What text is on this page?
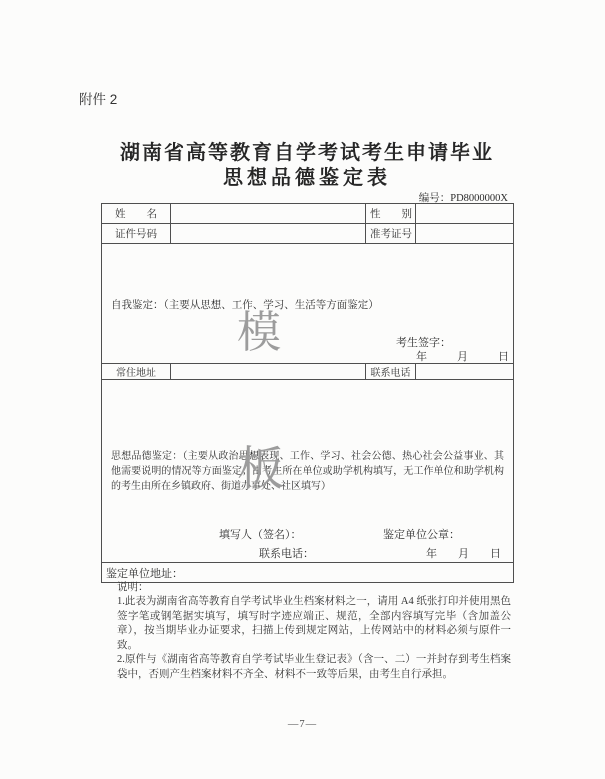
附件 2
湖南省高等教育自学考试考生申请毕业
思想品德鉴定表
编号：PD8000000X
姓　　名		性　　别	
证件号码		准考证号	

自我鉴定：（主要从思想、工作、学习、生活等方面鉴定）
模	考生签字：
年	月	日

常住地址		联系电话	

思想品德鉴定：（主要从政治思想表现、工作、学习、社会公德、热心社会公益事业、其他需要说明的情况等方面鉴定；由考生所在单位或助学机构填写，无工作单位和助学机构的考生由所在乡镇政府、街道办事处、社区填写）
板
填写人（签名）：	鉴定单位公章：
联系电话：	年 月 日

鉴定单位地址：			
说明：
1.此表为湖南省高等教育自学考试毕业生档案材料之一，请用 A4 纸张打印并使用黑色签字笔或钢笔据实填写，填写时字迹应端正、规范，全部内容填写完毕（含加盖公章），按当期毕业办证要求，扫描上传到规定网站，上传网站中的材料必须与原件一致。
2.原件与《湖南省高等教育自学考试毕业生登记表》（含一、二）一并封存到考生档案袋中，否则产生档案材料不齐全、材料不一致等后果，由考生自行承担。
—7—
